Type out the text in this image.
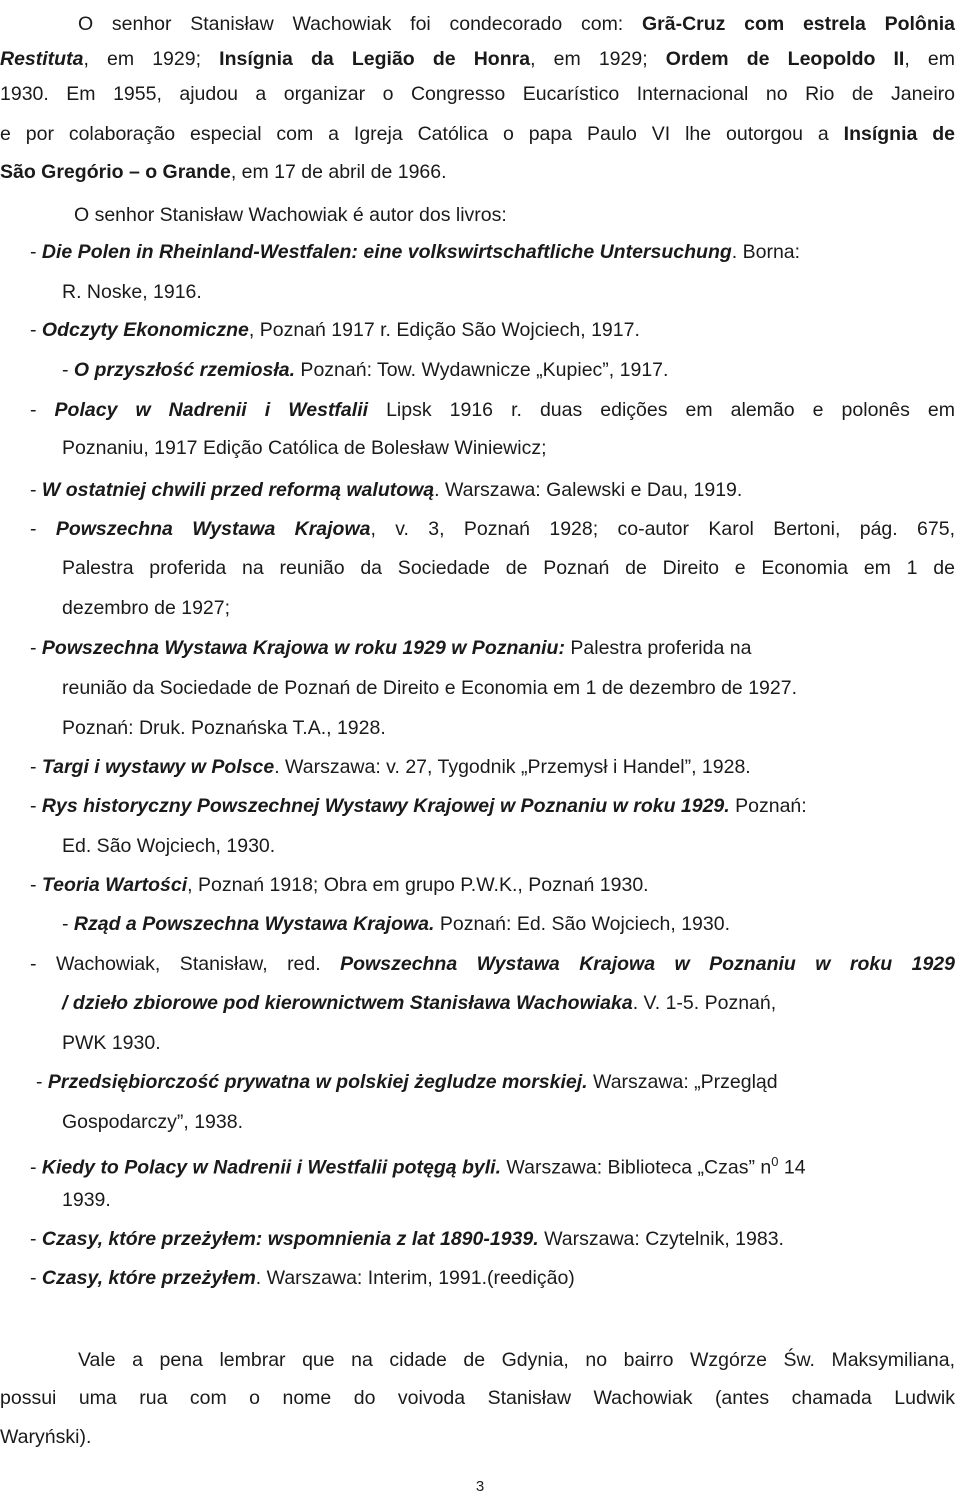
O senhor Stanisław Wachowiak foi condecorado com: Grã-Cruz com estrela Polônia
Restituta, em 1929; Insígnia da Legião de Honra, em 1929; Ordem de Leopoldo II, em
1930. Em 1955, ajudou a organizar o Congresso Eucarístico Internacional no Rio de Janeiro
e por colaboração especial com a Igreja Católica o papa Paulo VI lhe outorgou a Insígnia de
São Gregório – o Grande, em 17 de abril de 1966.
O senhor Stanisław Wachowiak é autor dos livros:
- Die Polen in Rheinland-Westfalen: eine volkswirtschaftliche Untersuchung. Borna:
R. Noske, 1916.
- Odczyty Ekonomiczne, Poznań 1917 r. Edição São Wojciech, 1917.
- O przyszłość rzemiosła. Poznań: Tow. Wydawnicze „Kupiec”, 1917.
- Polacy w Nadrenii i Westfalii Lipsk 1916 r. duas edições em alemão e polonês em
Poznaniu, 1917 Edição Católica de Bolesław Winiewicz;
- W ostatniej chwili przed reformą walutową. Warszawa: Galewski e Dau, 1919.
- Powszechna Wystawa Krajowa, v. 3, Poznań 1928; co-autor Karol Bertoni, pág. 675,
Palestra proferida na reunião da Sociedade de Poznań de Direito e Economia em 1 de
dezembro de 1927;
- Powszechna Wystawa Krajowa w roku 1929 w Poznaniu: Palestra proferida na
reunião da Sociedade de Poznań de Direito e Economia em 1 de dezembro de 1927.
Poznań: Druk. Poznańska T.A., 1928.
- Targi i wystawy w Polsce. Warszawa: v. 27, Tygodnik „Przemysł i Handel”, 1928.
- Rys historyczny Powszechnej Wystawy Krajowej w Poznaniu w roku 1929. Poznań:
Ed. São Wojciech, 1930.
- Teoria Wartości, Poznań 1918; Obra em grupo P.W.K., Poznań 1930.
- Rząd a Powszechna Wystawa Krajowa. Poznań: Ed. São Wojciech, 1930.
- Wachowiak, Stanisław, red. Powszechna Wystawa Krajowa w Poznaniu w roku 1929
/ dzieło zbiorowe pod kierownictwem Stanisława Wachowiaka. V. 1-5. Poznań,
PWK 1930.
- Przedsiębiorczość prywatna w polskiej żegludze morskiej. Warszawa: „Przegląd
Gospodarczy”, 1938.
- Kiedy to Polacy w Nadrenii i Westfalii potęgą byli. Warszawa: Biblioteca „Czas” $n^0$ 14
1939.
- Czasy, które przeżyłem: wspomnienia z lat 1890-1939. Warszawa: Czytelnik, 1983.
- Czasy, które przeżyłem. Warszawa: Interim, 1991.(reedição)
Vale a pena lembrar que na cidade de Gdynia, no bairro Wzgórze Św. Maksymiliana,
possui uma rua com o nome do voivoda Stanisław Wachowiak (antes chamada Ludwik
Waryński).
3
